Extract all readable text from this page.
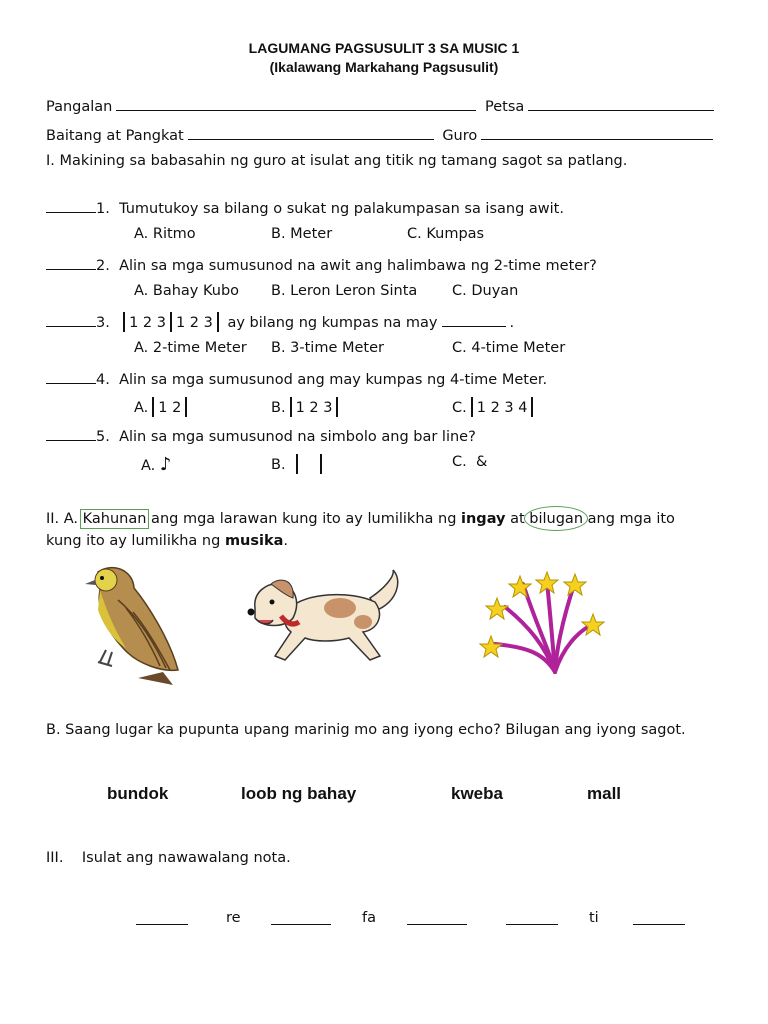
LAGUMANG PAGSUSULIT 3 SA MUSIC 1
(Ikalawang Markahang Pagsusulit)
Pangalan	Petsa
Baitang at Pangkat	Guro
I. Makining sa babasahin ng guro at isulat ang titik ng tamang sagot sa patlang.
1. Tumutukoy sa bilang o sukat ng palakumpasan sa isang awit.
A. Ritmo	B. Meter	C. Kumpas
2. Alin sa mga sumusunod na awit ang halimbawa ng 2-time meter?
A. Bahay Kubo B. Leron Leron Sinta C. Duyan
3. 1 2 3 1 2 3 ay bilang ng kumpas na may	.
A. 2-time Meter B. 3-time Meter	C. 4-time Meter
4. Alin sa mga sumusunod ang may kumpas ng 4-time Meter.
A. 1 2	B. 1 2 3	C. 1 2 3 4
5. Alin sa mga sumusunod na simbolo ang bar line?
A. ♪	B.	C. &
II. A. Kahunan
ang mga larawan kung ito ay lumilikha ng ingay at bilugan
ang mga ito
kung ito ay lumilikha ng musika.
B. Saang lugar ka pupunta upang marinig mo ang iyong echo? Bilugan ang iyong sagot.
bundok	loob ng bahay	kweba	mall
III. Isulat ang nawawalang nota.
re	fa	ti
